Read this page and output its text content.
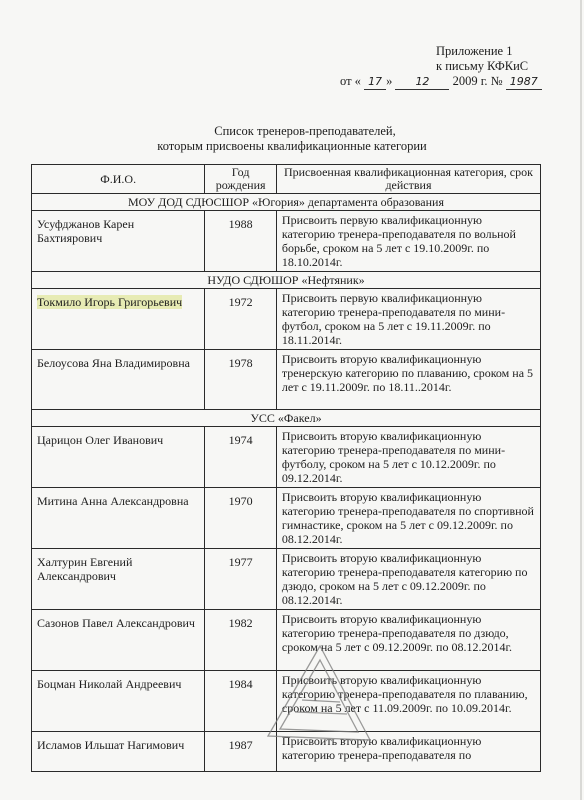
Приложение 1
к письму КФКиС
от « 17 » 12 2009 г. № 1987
Список тренеров-преподавателей,
которым присвоены квалификационные категории
Ф.И.О.	Год рождения	Присвоенная квалификационная категория, срок действия
МОУ ДОД СДЮСШОР «Югория» департамента образования		
Усуфджанов Карен Бахтиярович	1988	Присвоить первую квалификационную категорию тренера-преподавателя по вольной борьбе, сроком на 5 лет с 19.10.2009г. по 18.10.2014г.
НУДО СДЮШОР «Нефтяник»		
Токмило Игорь Григорьевич	1972	Присвоить первую квалификационную категорию тренера-преподавателя по мини-футбол, сроком на 5 лет с 19.11.2009г. по 18.11.2014г.
Белоусова Яна Владимировна	1978	Присвоить вторую квалификационную тренерскую категорию по плаванию, сроком на 5 лет с 19.11.2009г. по 18.11..2014г.
УСС «Факел»		
Царицон Олег Иванович	1974	Присвоить вторую квалификационную категорию тренера-преподавателя по мини-футболу, сроком на 5 лет с 10.12.2009г. по 09.12.2014г.
Митина Анна Александровна	1970	Присвоить вторую квалификационную категорию тренера-преподавателя по спортивной гимнастике, сроком на 5 лет с 09.12.2009г. по 08.12.2014г.
Халтурин Евгений Александрович	1977	Присвоить вторую квалификационную категорию тренера-преподавателя категорию по дзюдо, сроком на 5 лет с 09.12.2009г. по 08.12.2014г.
Сазонов Павел Александрович	1982	Присвоить вторую квалификационную категорию тренера-преподавателя по дзюдо, сроком на 5 лет с 09.12.2009г. по 08.12.2014г.
Боцман Николай Андреевич	1984	Присвоить вторую квалификационную категорию тренера-преподавателя по плаванию, сроком на 5 лет с 11.09.2009г. по 10.09.2014г.
Исламов Ильшат Нагимович	1987	Присвоить вторую квалификационную категорию тренера-преподавателя по
